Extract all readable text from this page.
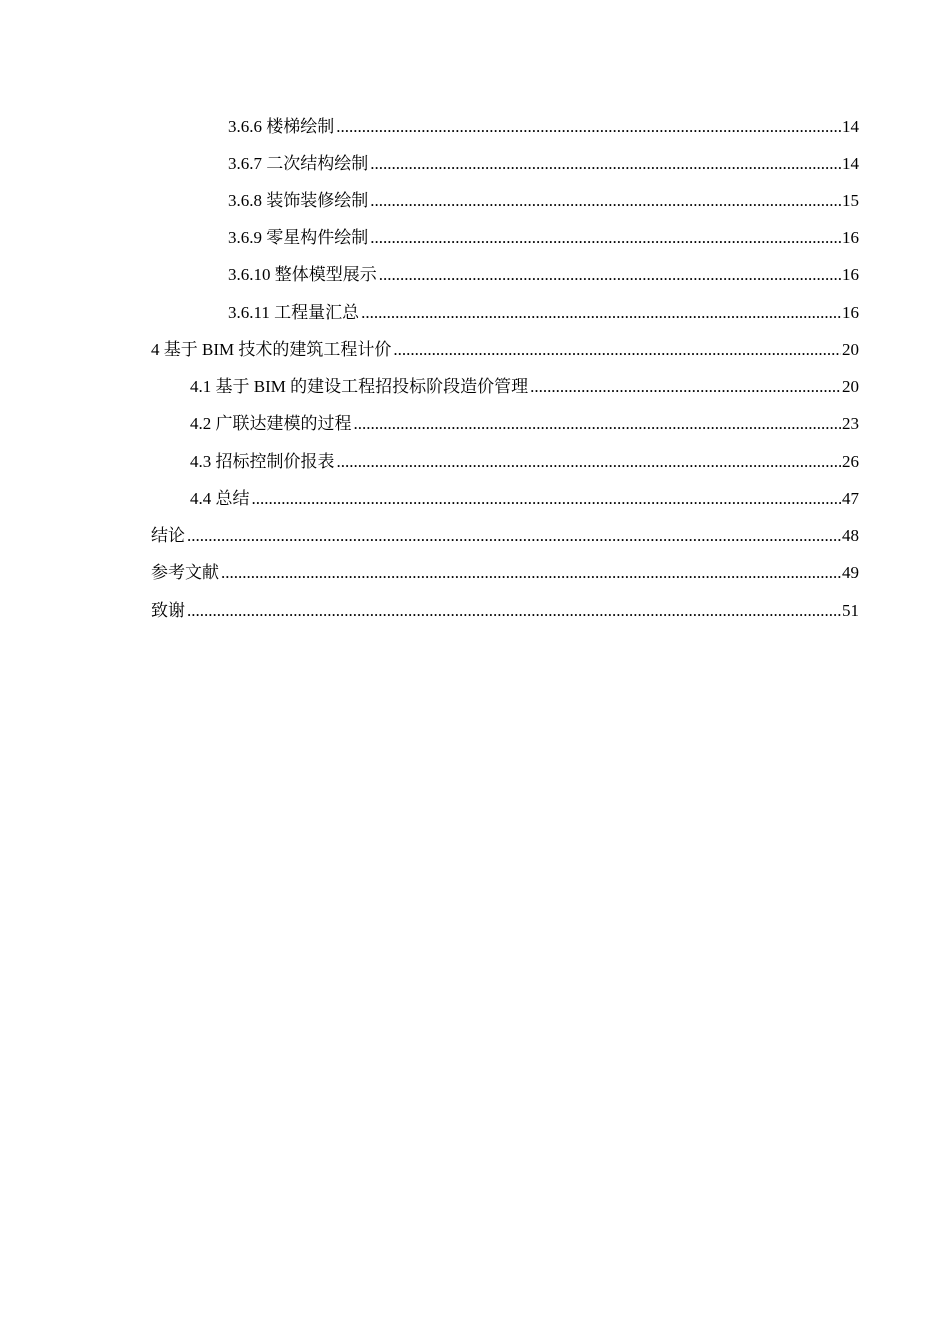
3.6.6 楼梯绘制 .....	14
3.6.7 二次结构绘制 .....	14
3.6.8 装饰装修绘制 .....	15
3.6.9 零星构件绘制 .....	16
3.6.10 整体模型展示 .....	16
3.6.11 工程量汇总 .....	16
4 基于 BIM 技术的建筑工程计价 .....	20
4.1 基于 BIM 的建设工程招投标阶段造价管理 .....	20
4.2 广联达建模的过程 .....	23
4.3 招标控制价报表 .....	26
4.4 总结 .....	47
结论 .....	48
参考文献 .....	49
致谢 .....	51
